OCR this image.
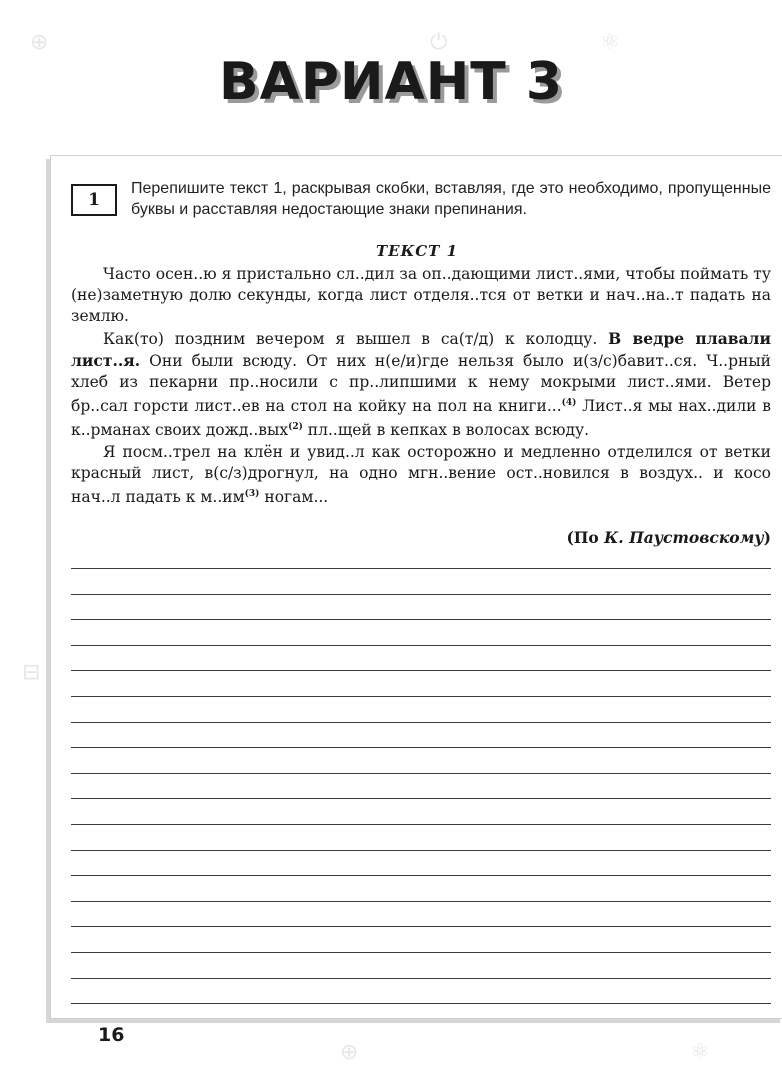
⊕	⏻	⚛
⊟
⊕	⚛
ВАРИАНТ 3
1
Перепишите текст 1, раскрывая скобки, вставляя, где это необходимо, пропущенные буквы и расставляя недостающие знаки препинания.
ТЕКСТ 1

Часто осен..ю я пристально сл..дил за оп..дающими лист..ями, чтобы поймать ту (не)заметную долю секунды, когда лист отделя..тся от ветки и нач..на..т падать на землю.

Как(то) поздним вечером я вышел в са(т/д) к колодцу. В ведре плавали лист..я. Они были всюду. От них н(е/и)где нельзя было и(з/с)бавит..ся. Ч..рный хлеб из пекарни пр..носили с пр..липшими к нему мокрыми лист..ями. Ветер бр..сал горсти лист..ев на стол на койку на пол на книги...$^{(4)}$ Лист..я мы нах..дили в к..рманах своих дожд..вых$^{(2)}$ пл..щей в кепках в волосах всюду.

Я посм..трел на клён и увид..л как осторожно и медленно отделился от ветки красный лист, в(с/з)дрогнул, на одно мгн..вение ост..новился в воздух.. и косо нач..л падать к $м..им^{(3)}$ ногам...

(По К. Паустовскому)
16
